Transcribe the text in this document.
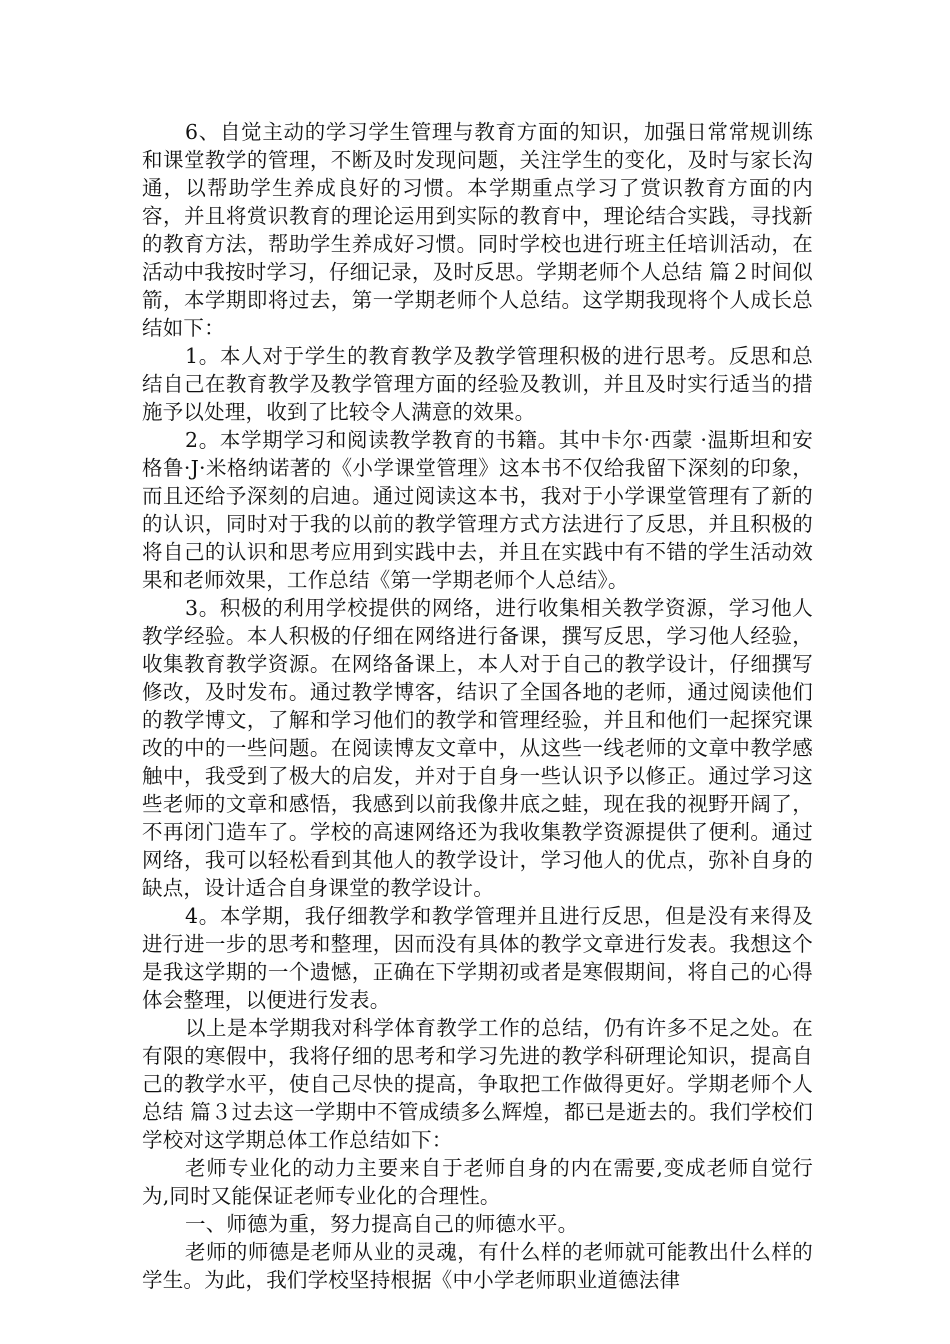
6、自觉主动的学习学生管理与教育方面的知识，加强日常常规训练和课堂教学的管理，不断及时发现问题，关注学生的变化，及时与家长沟通，以帮助学生养成良好的习惯。本学期重点学习了赏识教育方面的内容，并且将赏识教育的理论运用到实际的教育中，理论结合实践，寻找新的教育方法，帮助学生养成好习惯。同时学校也进行班主任培训活动，在活动中我按时学习，仔细记录，及时反思。学期老师个人总结 篇２时间似箭，本学期即将过去，第一学期老师个人总结。这学期我现将个人成长总结如下：

1。本人对于学生的教育教学及教学管理积极的进行思考。反思和总结自己在教育教学及教学管理方面的经验及教训，并且及时实行适当的措施予以处理，收到了比较令人满意的效果。

2。本学期学习和阅读教学教育的书籍。其中卡尔·西蒙 ·温斯坦和安格鲁·J·米格纳诺著的《小学课堂管理》这本书不仅给我留下深刻的印象，而且还给予深刻的启迪。通过阅读这本书，我对于小学课堂管理有了新的的认识，同时对于我的以前的教学管理方式方法进行了反思，并且积极的将自己的认识和思考应用到实践中去，并且在实践中有不错的学生活动效果和老师效果，工作总结《第一学期老师个人总结》。

3。积极的利用学校提供的网络，进行收集相关教学资源，学习他人教学经验。本人积极的仔细在网络进行备课，撰写反思，学习他人经验，收集教育教学资源。在网络备课上，本人对于自己的教学设计，仔细撰写修改，及时发布。通过教学博客，结识了全国各地的老师，通过阅读他们的教学博文，了解和学习他们的教学和管理经验，并且和他们一起探究课改的中的一些问题。在阅读博友文章中，从这些一线老师的文章中教学感触中，我受到了极大的启发，并对于自身一些认识予以修正。通过学习这些老师的文章和感悟，我感到以前我像井底之蛙，现在我的视野开阔了，不再闭门造车了。学校的高速网络还为我收集教学资源提供了便利。通过网络，我可以轻松看到其他人的教学设计，学习他人的优点，弥补自身的缺点，设计适合自身课堂的教学设计。

4。本学期，我仔细教学和教学管理并且进行反思，但是没有来得及进行进一步的思考和整理，因而没有具体的教学文章进行发表。我想这个是我这学期的一个遗憾，正确在下学期初或者是寒假期间，将自己的心得体会整理，以便进行发表。

以上是本学期我对科学体育教学工作的总结，仍有许多不足之处。在有限的寒假中，我将仔细的思考和学习先进的教学科研理论知识，提高自己的教学水平，使自己尽快的提高，争取把工作做得更好。学期老师个人总结 篇３过去这一学期中不管成绩多么辉煌，都已是逝去的。我们学校们学校对这学期总体工作总结如下：

老师专业化的动力主要来自于老师自身的内在需要,变成老师自觉行为,同时又能保证老师专业化的合理性。

一、师德为重，努力提高自己的师德水平。

老师的师德是老师从业的灵魂，有什么样的老师就可能教出什么样的学生。为此，我们学校坚持根据《中小学老师职业道德法律
